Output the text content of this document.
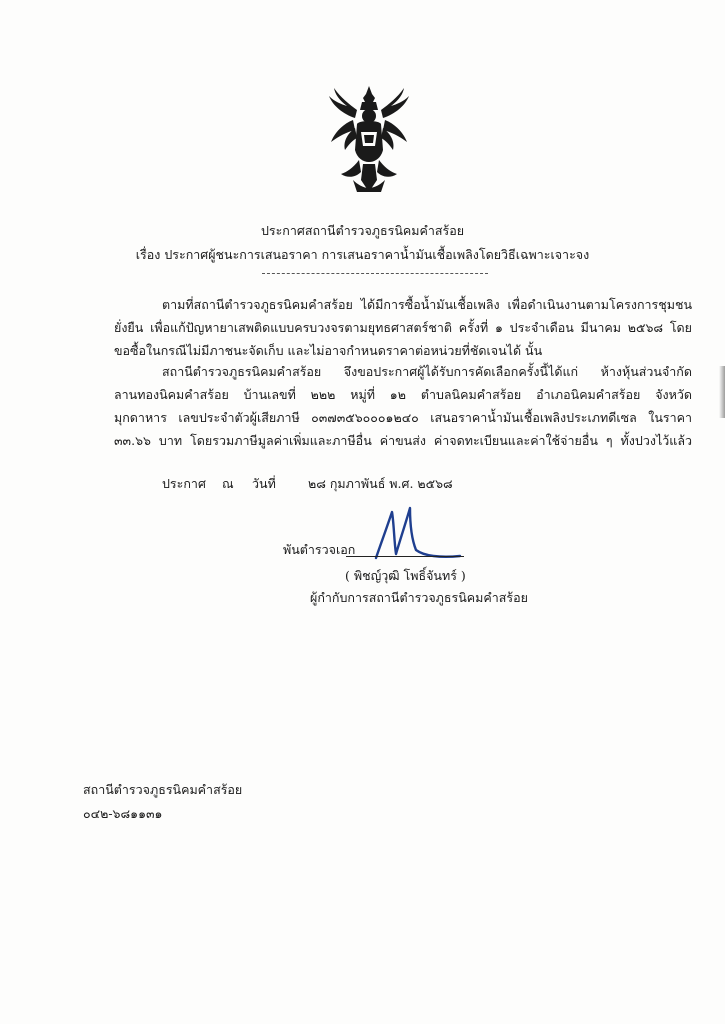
ประกาศสถานีตำรวจภูธรนิคมคำสร้อย
เรื่อง ประกาศผู้ชนะการเสนอราคา การเสนอราคาน้ำมันเชื้อเพลิงโดยวิธีเฉพาะเจาะจง
ตามที่สถานีตำรวจภูธรนิคมคำสร้อย ได้มีการซื้อน้ำมันเชื้อเพลิง เพื่อดำเนินงานตามโครงการชุมชน
ยั่งยืน เพื่อแก้ปัญหายาเสพติดแบบครบวงจรตามยุทธศาสตร์ชาติ ครั้งที่ ๑ ประจำเดือน มีนาคม ๒๕๖๘ โดย
ขอซื้อในกรณีไม่มีภาชนะจัดเก็บ และไม่อาจกำหนดราคาต่อหน่วยที่ชัดเจนได้ นั้น
สถานีตำรวจภูธรนิคมคำสร้อย จึงขอประกาศผู้ได้รับการคัดเลือกครั้งนี้ได้แก่ ห้างหุ้นส่วนจำกัด
ลานทองนิคมคำสร้อย บ้านเลขที่ ๒๒๒ หมู่ที่ ๑๒ ตำบลนิคมคำสร้อย อำเภอนิคมคำสร้อย จังหวัด
มุกดาหาร เลขประจำตัวผู้เสียภาษี ๐๓๗๓๕๖๐๐๐๑๒๔๐ เสนอราคาน้ำมันเชื้อเพลิงประเภทดีเซล ในราคา
๓๓.๖๖ บาท โดยรวมภาษีมูลค่าเพิ่มและภาษีอื่น ค่าขนส่ง ค่าจดทะเบียนและค่าใช้จ่ายอื่น ๆ ทั้งปวงไว้แล้ว
ประกาศ	ณ	วันที่	๒๘ กุมภาพันธ์ พ.ศ. ๒๕๖๘
พันตำรวจเอก
( พิชญ์วุฒิ โพธิ์จันทร์ )
ผู้กำกับการสถานีตำรวจภูธรนิคมคำสร้อย
สถานีตำรวจภูธรนิคมคำสร้อย
๐๔๒-๖๘๑๑๓๑
